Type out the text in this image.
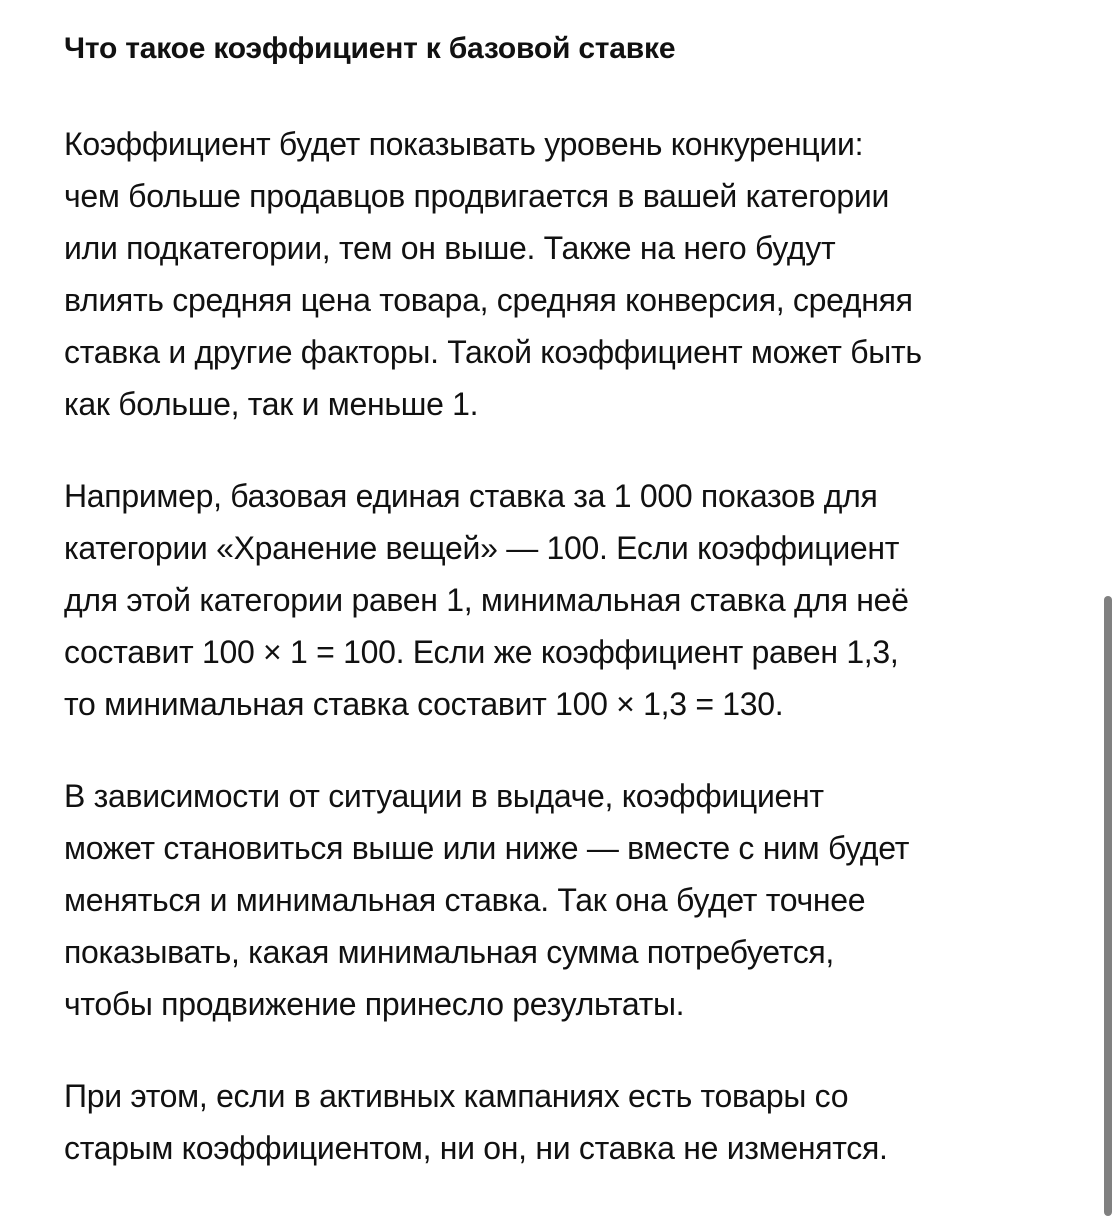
Что такое коэффициент к базовой ставке

Коэффициент будет показывать уровень конкуренции:
чем больше продавцов продвигается в вашей категории
или подкатегории, тем он выше. Также на него будут
влиять средняя цена товара, средняя конверсия, средняя
ставка и другие факторы. Такой коэффициент может быть
как больше, так и меньше 1.

Например, базовая единая ставка за 1 000 показов для
категории «Хранение вещей» — 100. Если коэффициент
для этой категории равен 1, минимальная ставка для неё
составит 100 × 1 = 100. Если же коэффициент равен 1,3,
то минимальная ставка составит 100 × 1,3 = 130.

В зависимости от ситуации в выдаче, коэффициент
может становиться выше или ниже — вместе с ним будет
меняться и минимальная ставка. Так она будет точнее
показывать, какая минимальная сумма потребуется,
чтобы продвижение принесло результаты.

При этом, если в активных кампаниях есть товары со
старым коэффициентом, ни он, ни ставка не изменятся.
